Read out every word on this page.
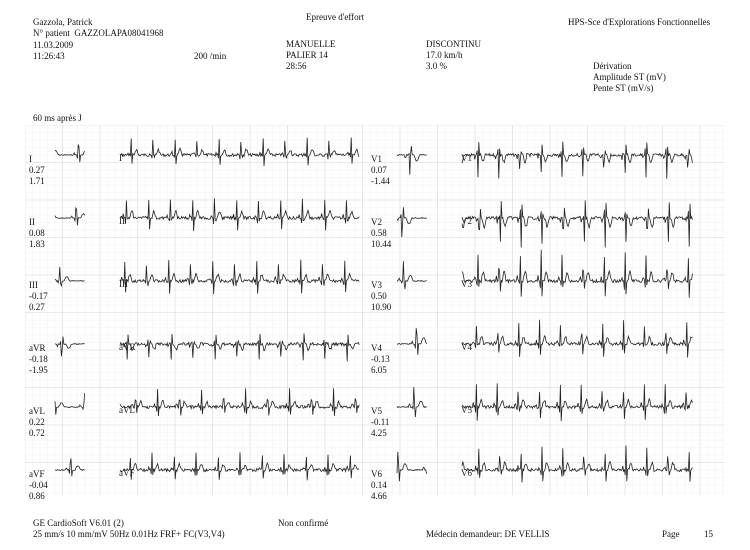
Gazzola, Patrick
N° patient GAZZOLAPA08041968
11.03.2009
11:26:43	200 /min
Epreuve d'effort
MANUELLE
PALIER 14
28:56
DISCONTINU
17.0 km/h
3.0 %
HPS-Sce d'Explorations Fonctionnelles
Dérivation
Amplitude ST (mV)
Pente ST (mV/s)
60 ms après J
I
II
III
aVR
aVL
aVF
V1
V2
V3
V4
V5
V6
I
0.27
1.71
II
0.08
1.83
III
-0.17
0.27
aVR
-0.18
-1.95
aVL
0.22
0.72
aVF
-0.04
0.86
V1
0.07
-1.44
V2
0.58
10.44
V3
0.50
10.90
V4
-0.13
6.05
V5
-0.11
4.25
V6
0.14
4.66
GE CardioSoft V6.01 (2)
25 mm/s 10 mm/mV 50Hz 0.01Hz FRF+ FC(V3,V4)
Non confirmé
Médecin demandeur: DE VELLIS	Page	15
